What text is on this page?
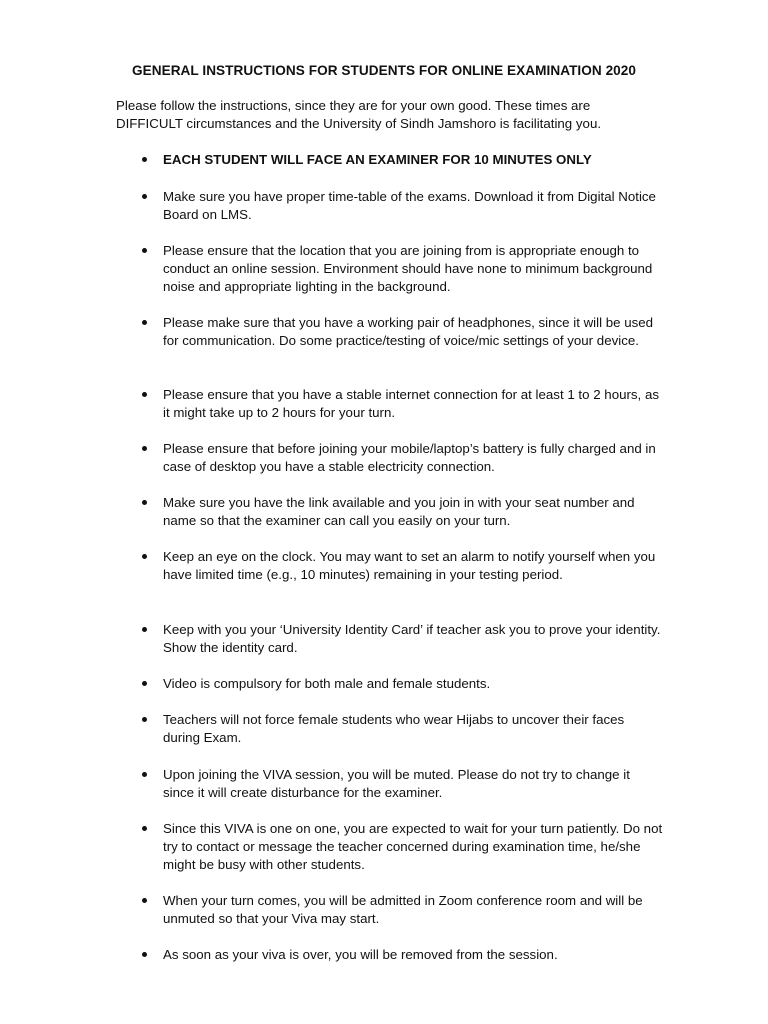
GENERAL INSTRUCTIONS FOR STUDENTS FOR ONLINE EXAMINATION 2020
Please follow the instructions, since they are for your own good. These times are DIFFICULT circumstances and the University of Sindh Jamshoro is facilitating you.
EACH STUDENT WILL FACE AN EXAMINER FOR 10 MINUTES ONLY
Make sure you have proper time-table of the exams. Download it from Digital Notice Board on LMS.
Please ensure that the location that you are joining from is appropriate enough to conduct an online session. Environment should have none to minimum background noise and appropriate lighting in the background.
Please make sure that you have a working pair of headphones, since it will be used for communication. Do some practice/testing of voice/mic settings of your device.
Please ensure that you have a stable internet connection for at least 1 to 2 hours, as it might take up to 2 hours for your turn.
Please ensure that before joining your mobile/laptop’s battery is fully charged and in case of desktop you have a stable electricity connection.
Make sure you have the link available and you join in with your seat number and name so that the examiner can call you easily on your turn.
Keep an eye on the clock. You may want to set an alarm to notify yourself when you have limited time (e.g., 10 minutes) remaining in your testing period.
Keep with you your ‘University Identity Card’ if teacher ask you to prove your identity. Show the identity card.
Video is compulsory for both male and female students.
Teachers will not force female students who wear Hijabs to uncover their faces during Exam.
Upon joining the VIVA session, you will be muted. Please do not try to change it since it will create disturbance for the examiner.
Since this VIVA is one on one, you are expected to wait for your turn patiently. Do not try to contact or message the teacher concerned during examination time, he/she might be busy with other students.
When your turn comes, you will be admitted in Zoom conference room and will be unmuted so that your Viva may start.
As soon as your viva is over, you will be removed from the session.
